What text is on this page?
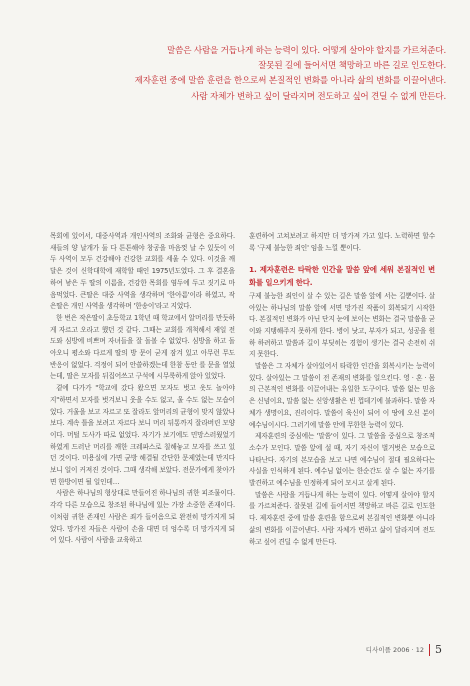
말씀은 사람을 거듭나게 하는 능력이 있다. 어떻게 살아야 할지를 가르쳐준다.
잘못된 길에 들어서면 책망하고 바른 길로 인도한다.
제자훈련 중에 말씀 훈련을 한으로써 본질적인 변화를 아니라 삶의 변화를 이끌어낸다.
사람 자체가 변하고 싶이 달라지며 전도하고 싶어 견딜 수 없게 만든다.

목회에 있어서, 대중사역과 개인사역의 조화와 균형은 중요하다. 새들의 양 날개가 둘 다 튼튼해야 창공을 마음껏 날 수 있듯이 이 두 사역이 모두 건강해야 건강한 교회를 세울 수 있다. 이것을 깨달은 것이 신학대학에 재학할 때인 1975년도였다. 그 후 결혼을 하여 낳은 두 딸의 이름을, 건강한 목회를 염두에 두고 짓기로 마음먹었다. 큰딸은 대중 사역을 생각하며 '한아름'이라 하였고, 작은딸은 개인 사역을 생각하며 '한송이'라고 지었다.

한 번은 작은딸이 초등학교 1학년 때 학교에서 알머리를 만듯하게 자르고 오라고 했던 것 같다. 그때는 교회를 개척해서 재일 전도와 심방에 비쁘며 자녀들을 잘 돌볼 수 없었다. 심방을 하고 돌아오니 평소와 다르게 딸의 방 문이 굳게 잠겨 있고 아무런 무도 반응이 없었다. 걱정이 되어 안쓸하겠는데 한참 동안 를 문을 열었는데, 딸은 모자를 뒤집어쓰고 구석에 시무룩하게 앉아 있었다.

곁에 다가가 "학교에 갔다 왔으면 모자도 벗고 옷도 놀아야지"하면서 모자를 벗겨보니 웃을 수도 없고, 울 수도 없는 모습이었다. 거울을 보고 자르고 또 잘라도 앞머리의 균형이 맞지 않았나 보다. 계속 틀을 보려고 자르다 보니 머리 뒤통까지 잘라버린 모양이다. 머털 도사가 따로 없었다. 자기가 보기에도 민망스러웠었기 하였게 드러난 머리를 깨한 크레파스로 칠해놓고 모자를 쓰고 있던 것이다. 미용실에 가면 균방 해결될 간단한 문제였는데 만지다 보니 일이 커져진 것이다. 그때 생각해 보았다. 전문가에게 찾아가면 한방이면 될 일인데…

사람은 하나님의 형상대로 만들어진 하나님의 귀한 피조물이다. 각각 다른 모습으로 창조된 하나님에 있는 가장 소중한 존재이다. 이처럼 귀한 존재인 사람은 죄가 들어옴으로 완전히 망가지게 되었다. 망가진 자들은 사람이 손을 대면 더 엉수록 더 망가지게 되어 있다. 사람이 사람을 교육하고

훈련하여 고쳐보려고 하지만 더 망가져 가고 있다. 노력하면 할수록 '구제 불능한 죄인' 임을 느낄 뿐이다.

1. 제자훈련은 타락한 인간을 말씀 앞에 세워 본질적인 변화를 일으키게 한다.

구제 불능한 죄인이 살 수 있는 길은 말씀 앞에 서는 길뿐이다. 살아있는 하나님의 말씀 앞에 서면 망가진 작품이 회복되기 시작한다. 본질적인 변화가 아닌 단지 눈에 보이는 변화는 결국 말씀을 굳이와 지탱해주지 못하게 한다. 병이 낫고, 부자가 되고, 성공을 원하 하려하고 말씀과 길이 부딪히는 경험이 생기는 결국 손전히 쉬지 못한다.

말씀은 그 자체가 살아있어서 타락한 인간을 회복시키는 능력이 있다. 살아있는 그 말씀이 전 존재의 변화를 일으킨다. 영 · 혼 · 몸의 근본적인 변화를 이끌어내는 유일한 도구이다. 말씀 없는 믿음은 신념이요, 말씀 없는 신앙생활은 빈 껍데기에 불과하다. 말씀 자체가 생명이요, 진리이다. 말씀이 육신이 되어 이 땅에 오신 분이 예수님이시다. 그러기에 말씀 안에 무한한 능력이 있다.

제자훈련의 중심에는 '말씀'이 있다. 그 말씀을 중심으로 창조적 소수가 모인다. 말씀 앞에 설 때, 자기 자신이 벌거벗은 모습으로 나타난다. 자기의 본모습을 보고 나면 예수님이 절대 필요하다는 사실을 인식하게 된다. 예수님 없이는 한순간도 살 수 없는 자기를 발견하고 예수님을 인정하게 되어 모시고 살게 된다.

말씀은 사람을 거듭나게 하는 능력이 있다. 어떻게 살아야 할지를 가르쳐준다. 잘못된 길에 들어서면 책망하고 바른 길로 인도한다. 제자훈련 중에 말씀 훈련을 함으로써 본질적인 변화뿐 아니라 삶의 변화를 이끌어낸다. 사람 자체가 변하고 삶이 달라지며 전도하고 싶어 견딜 수 없게 만든다.

디사이플 2006 · 12 5
